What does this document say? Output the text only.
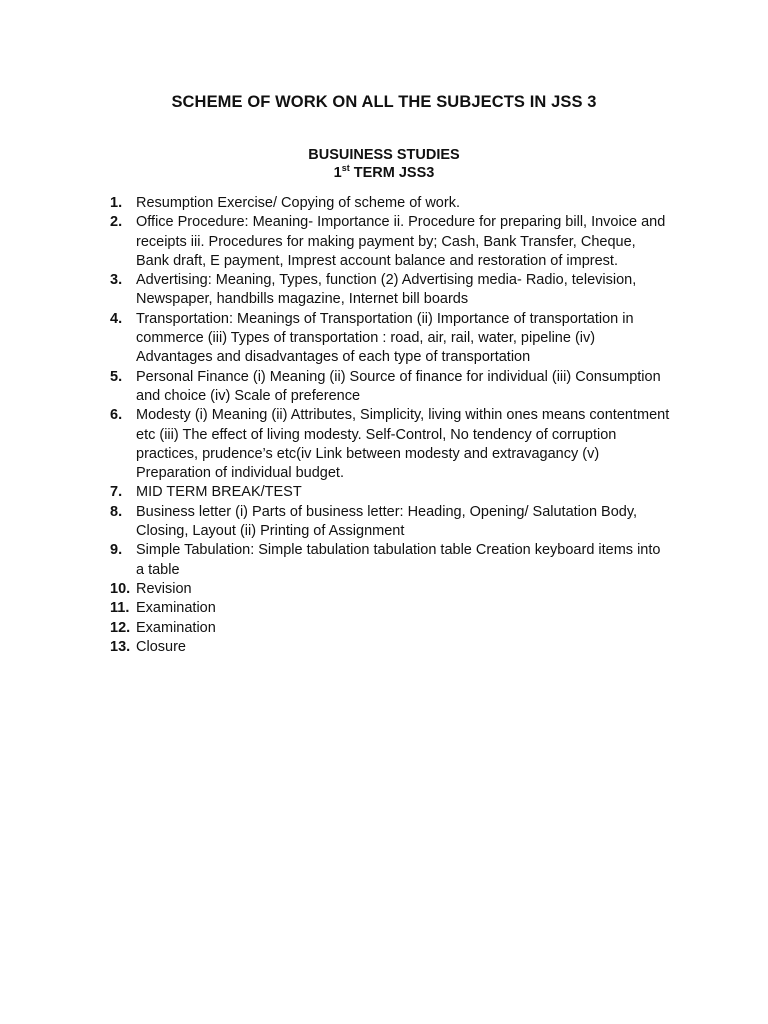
SCHEME OF WORK ON ALL THE SUBJECTS IN JSS 3
BUSUINESS STUDIES
1st TERM JSS3
1. Resumption Exercise/ Copying of scheme of work.
2. Office Procedure: Meaning- Importance ii. Procedure for preparing bill, Invoice and receipts iii. Procedures for making payment by; Cash, Bank Transfer, Cheque, Bank draft, E payment, Imprest account balance and restoration of imprest.
3. Advertising: Meaning, Types, function (2) Advertising media- Radio, television, Newspaper, handbills magazine, Internet bill boards
4. Transportation: Meanings of Transportation (ii) Importance of transportation in commerce (iii) Types of transportation : road, air, rail, water, pipeline (iv) Advantages and disadvantages of each type of transportation
5. Personal Finance (i) Meaning (ii) Source of finance for individual (iii) Consumption and choice (iv) Scale of preference
6. Modesty (i) Meaning (ii) Attributes, Simplicity, living within ones means contentment etc (iii) The effect of living modesty. Self-Control, No tendency of corruption practices, prudence’s etc(iv Link between modesty and extravagancy (v) Preparation of individual budget.
7. MID TERM BREAK/TEST
8. Business letter (i) Parts of business letter: Heading, Opening/ Salutation Body, Closing, Layout (ii) Printing of Assignment
9. Simple Tabulation: Simple tabulation tabulation table Creation keyboard items into a table
10. Revision
11. Examination
12. Examination
13. Closure
